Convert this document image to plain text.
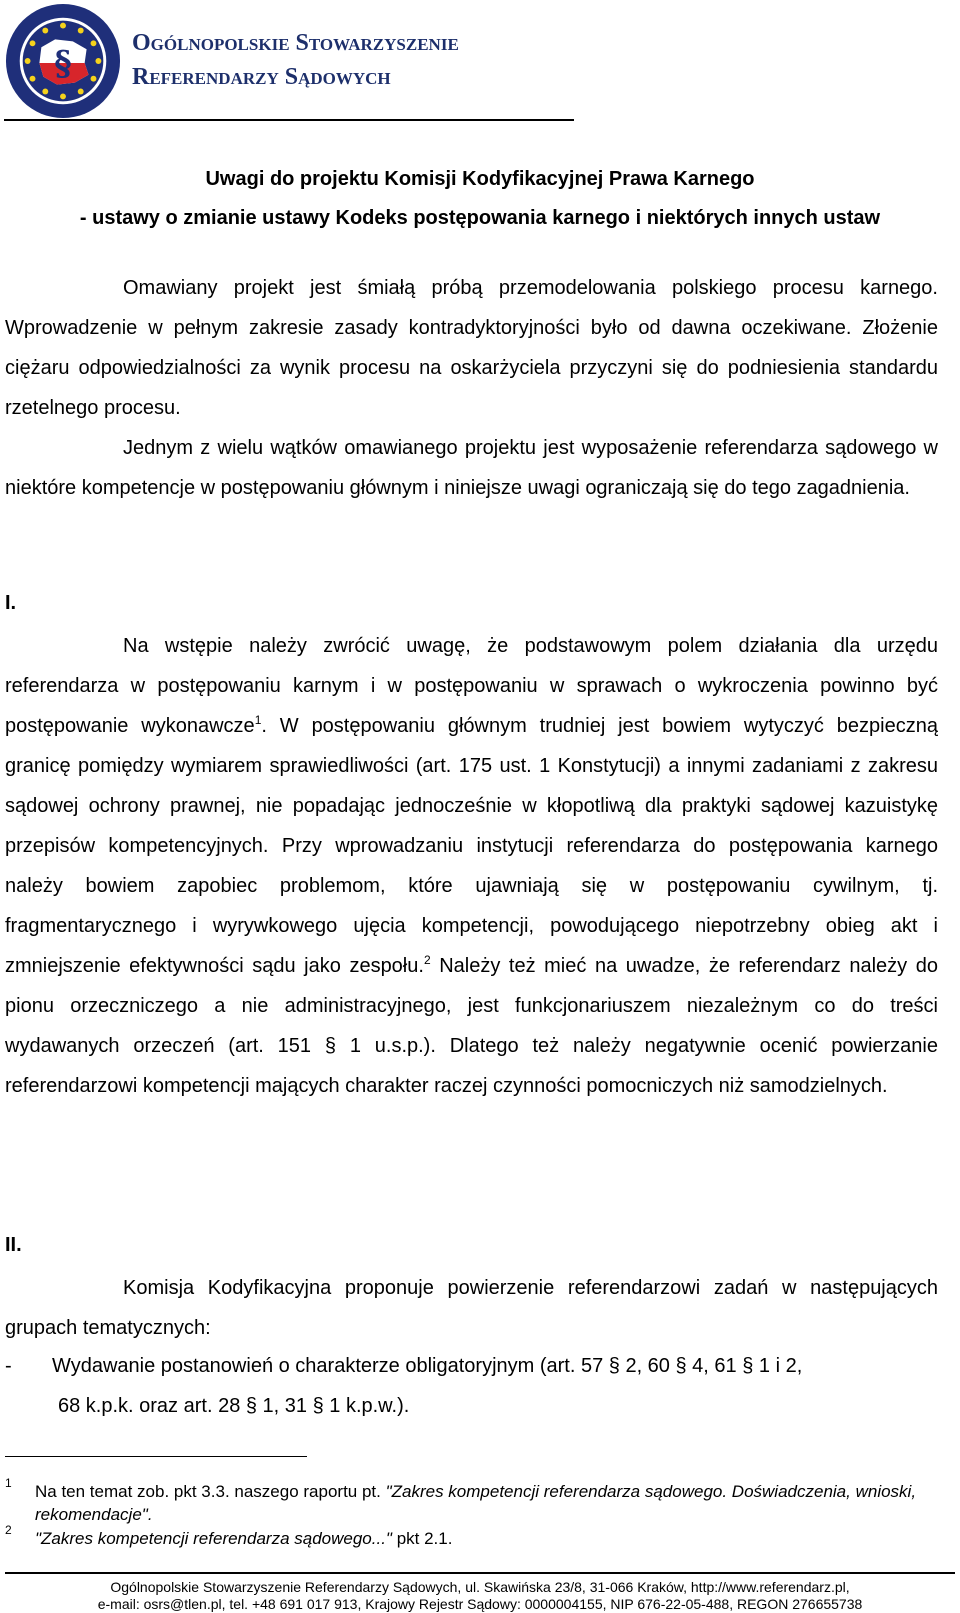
§
Ogólnopolskie Stowarzyszenie
Referendarzy Sądowych
Uwagi do projektu Komisji Kodyfikacyjnej Prawa Karnego
- ustawy o zmianie ustawy Kodeks postępowania karnego i niektórych innych ustaw
Omawiany projekt jest śmiałą próbą przemodelowania polskiego procesu karnego. Wprowadzenie w pełnym zakresie zasady kontradyktoryjności było od dawna oczekiwane. Złożenie ciężaru odpowiedzialności za wynik procesu na oskarżyciela przyczyni się do podniesienia standardu rzetelnego procesu.
Jednym z wielu wątków omawianego projektu jest wyposażenie referendarza sądowego w niektóre kompetencje w postępowaniu głównym i niniejsze uwagi ograniczają się do tego zagadnienia.
I.
Na wstępie należy zwrócić uwagę, że podstawowym polem działania dla urzędu referendarza w postępowaniu karnym i w postępowaniu w sprawach o wykroczenia powinno być postępowanie wykonawcze$^1$. W postępowaniu głównym trudniej jest bowiem wytyczyć bezpieczną granicę pomiędzy wymiarem sprawiedliwości (art. 175 ust. 1 Konstytucji) a innymi zadaniami z zakresu sądowej ochrony prawnej, nie popadając jednocześnie w kłopotliwą dla praktyki sądowej kazuistykę przepisów kompetencyjnych. Przy wprowadzaniu instytucji referendarza do postępowania karnego należy bowiem zapobiec problemom, które ujawniają się w postępowaniu cywilnym, tj. fragmentarycznego i wyrywkowego ujęcia kompetencji, powodującego niepotrzebny obieg akt i zmniejszenie efektywności sądu jako zespołu.$^2$ Należy też mieć na uwadze, że referendarz należy do pionu orzeczniczego a nie administracyjnego, jest funkcjonariuszem niezależnym co do treści wydawanych orzeczeń (art. 151 § 1 u.s.p.). Dlatego też należy negatywnie ocenić powierzanie referendarzowi kompetencji mających charakter raczej czynności pomocniczych niż samodzielnych.
II.
Komisja Kodyfikacyjna proponuje powierzenie referendarzowi zadań w następujących grupach tematycznych:
- Wydawanie postanowień o charakterze obligatoryjnym (art. 57 § 2, 60 § 4, 61 § 1 i 2,
68 k.p.k. oraz art. 28 § 1, 31 § 1 k.p.w.).
1 Na ten temat zob. pkt 3.3. naszego raportu pt. "Zakres kompetencji referendarza sądowego. Doświadczenia, wnioski, rekomendacje".
2 "Zakres kompetencji referendarza sądowego..." pkt 2.1.
Ogólnopolskie Stowarzyszenie Referendarzy Sądowych, ul. Skawińska 23/8, 31-066 Kraków, http://www.referendarz.pl,
e-mail: osrs@tlen.pl, tel. +48 691 017 913, Krajowy Rejestr Sądowy: 0000004155, NIP 676-22-05-488, REGON 276655738
